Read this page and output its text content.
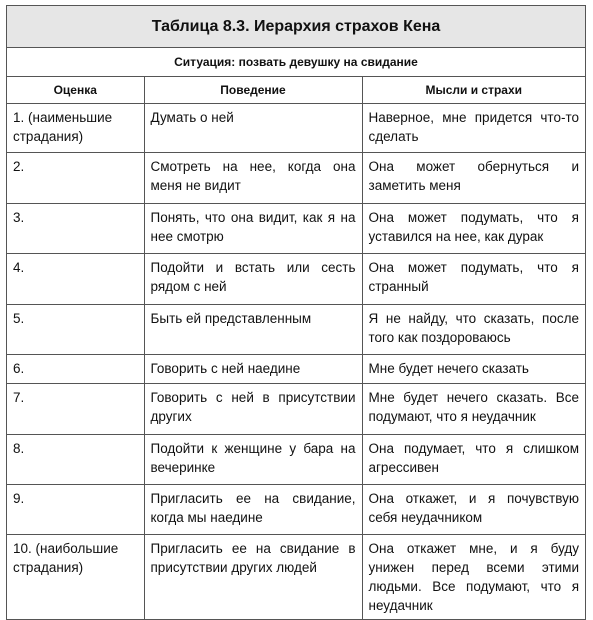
Таблица 8.3. Иерархия страхов Кена		
Ситуация: позвать девушку на свидание		
Оценка	Поведение	Мысли и страхи
1. (наименьшие страдания)	Думать о ней	Наверное, мне придется что-то сделать
2.	Смотреть на нее, когда она меня не видит	Она может обернуться и заметить меня
3.	Понять, что она видит, как я на нее смотрю	Она может подумать, что я уставился на нее, как дурак
4.	Подойти и встать или сесть рядом с ней	Она может подумать, что я странный
5.	Быть ей представленным	Я не найду, что сказать, после того как поздороваюсь
6.	Говорить с ней наедине	Мне будет нечего сказать
7.	Говорить с ней в присутствии других	Мне будет нечего сказать. Все подумают, что я неудачник
8.	Подойти к женщине у бара на вечеринке	Она подумает, что я слишком агрессивен
9.	Пригласить ее на свидание, когда мы наедине	Она откажет, и я почувствую себя неудачником
10. (наибольшие страдания)	Пригласить ее на свидание в присутствии других людей	Она откажет мне, и я буду унижен перед всеми этими людьми. Все подумают, что я неудачник
